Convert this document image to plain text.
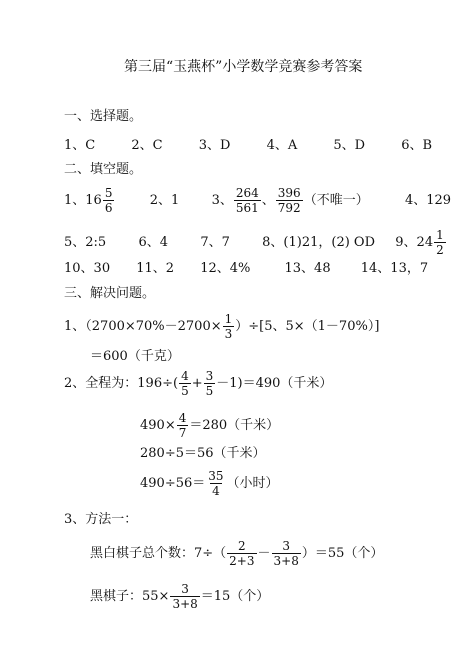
第三届“玉燕杯”小学数学竞赛参考答案
一、选择题。
1、C	2、C	3、D	4、A	5、D	6、B
二、填空题。
1、$16 \frac{5}{6}$	2、1 3、 $\frac{264}{561}$ 、 $\frac{396}{792}$ （不唯一）	4、129
5、2:5 6、4 7、7 8、(1)21，(2) OD 9、$24 \frac{1}{2}$
10、30 11、2 12、4%	13、48 14、13，7
三、解决问题。
1、$(2700\times 70\%-2700\times \frac{1}{3} )\div[5$、5×（1－70%）]
＝600（千克）
2、全程为：$196\div( \frac{4}{5} + \frac{3}{5} -1)=490$（千米）
$490\times \frac{4}{7} =280$（千米）
280÷5＝56（千米）
$490\div 56= \frac{35}{4}$ （小时）
3、方法一：
黑白棋子总个数：$7\div( \frac{2}{2+3} - \frac{3}{3+8} )=55$（个）
黑棋子：$55\times \frac{3}{3+8} =15$（个）
